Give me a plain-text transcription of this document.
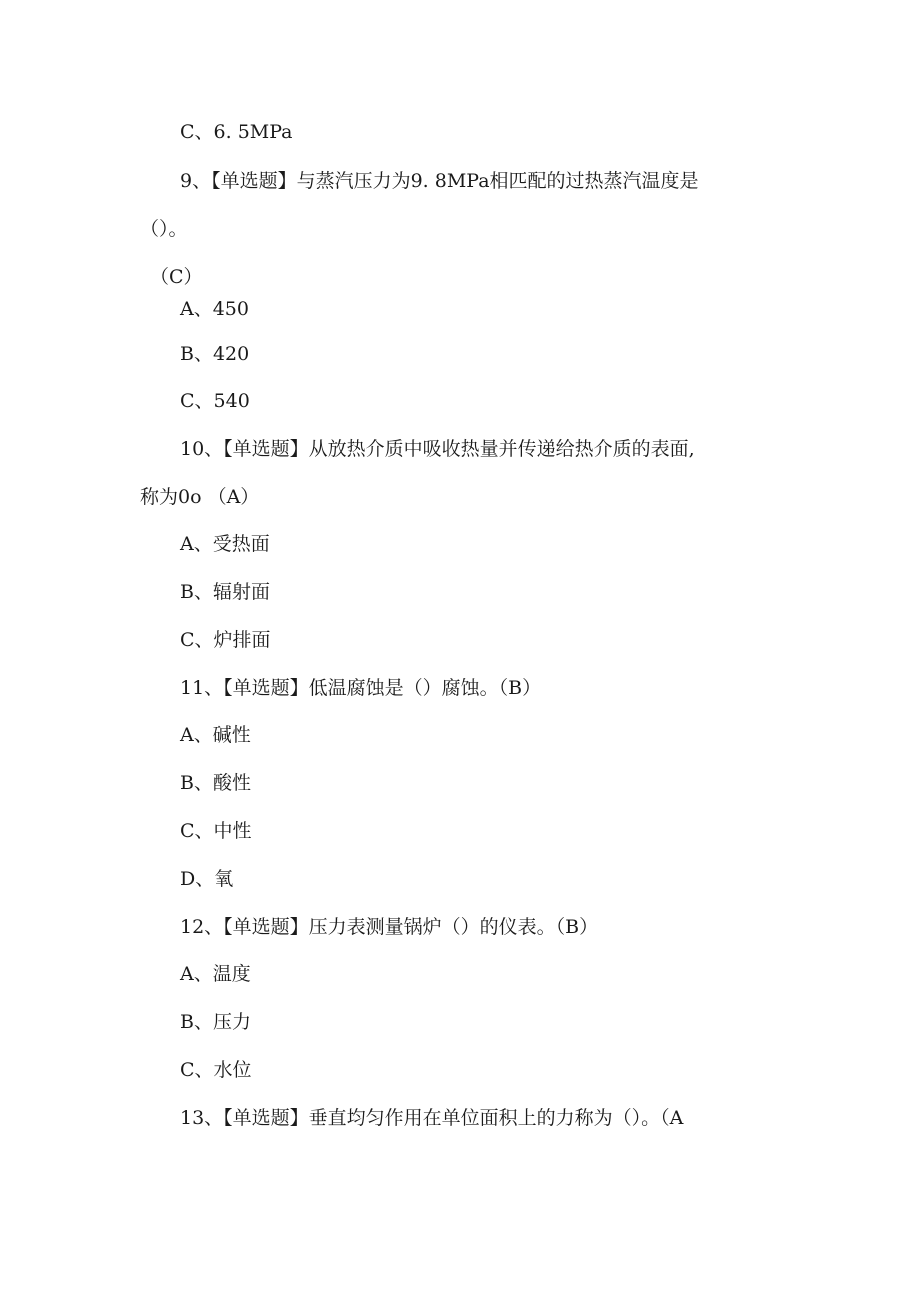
C、6. 5MPa
9、【单选题】与蒸汽压力为9. 8MPa相匹配的过热蒸汽温度是
（）。
（C）
A、450
B、420
C、540
10、【单选题】从放热介质中吸收热量并传递给热介质的表面,
称为0o （A）
A、受热面
B、辐射面
C、炉排面
11、【单选题】低温腐蚀是（）腐蚀。（B）
A、碱性
B、酸性
C、中性
D、氧
12、【单选题】压力表测量锅炉（）的仪表。（B）
A、温度
B、压力
C、水位
13、【单选题】垂直均匀作用在单位面积上的力称为（）。（A
